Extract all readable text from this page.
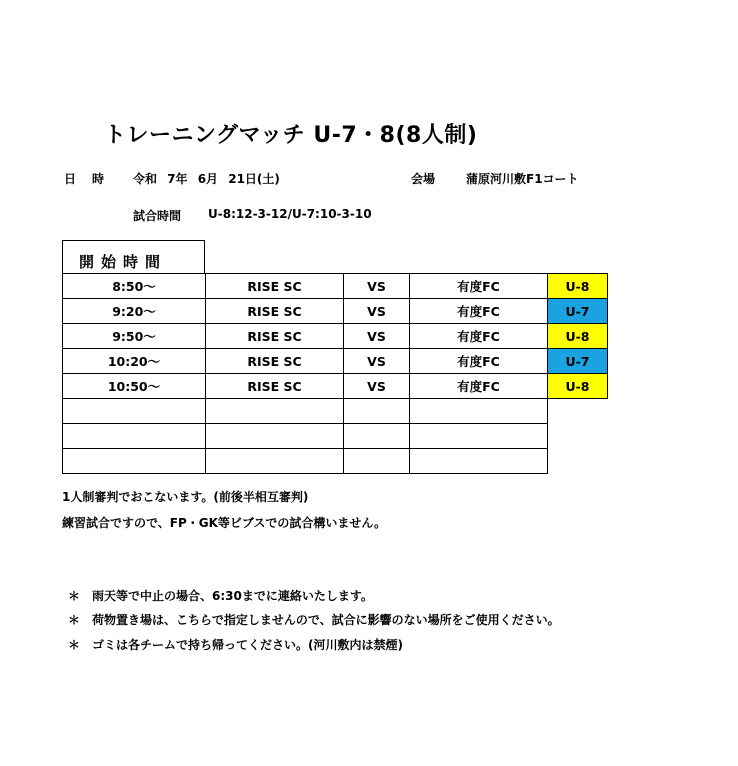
トレーニングマッチ U-7・8(8人制)
日時 令和 7年 6月 21日(土)	会場	蒲原河川敷F1コート
試合時間 U-8:12-3-12/U-7:10-3-10
開始時間
8:50～	RISE SC	VS	有度FC	U-8
9:20～	RISE SC	VS	有度FC	U-7
9:50～	RISE SC	VS	有度FC	U-8
10:20～	RISE SC	VS	有度FC	U-7
10:50～	RISE SC	VS	有度FC	U-8

1人制審判でおこないます。(前後半相互審判)
練習試合ですので、FP・GK等ビブスでの試合構いません。
＊ 雨天等で中止の場合、6:30までに連絡いたします。
＊ 荷物置き場は、こちらで指定しませんので、試合に影響のない場所をご使用ください。
＊ ゴミは各チームで持ち帰ってください。(河川敷内は禁煙)
